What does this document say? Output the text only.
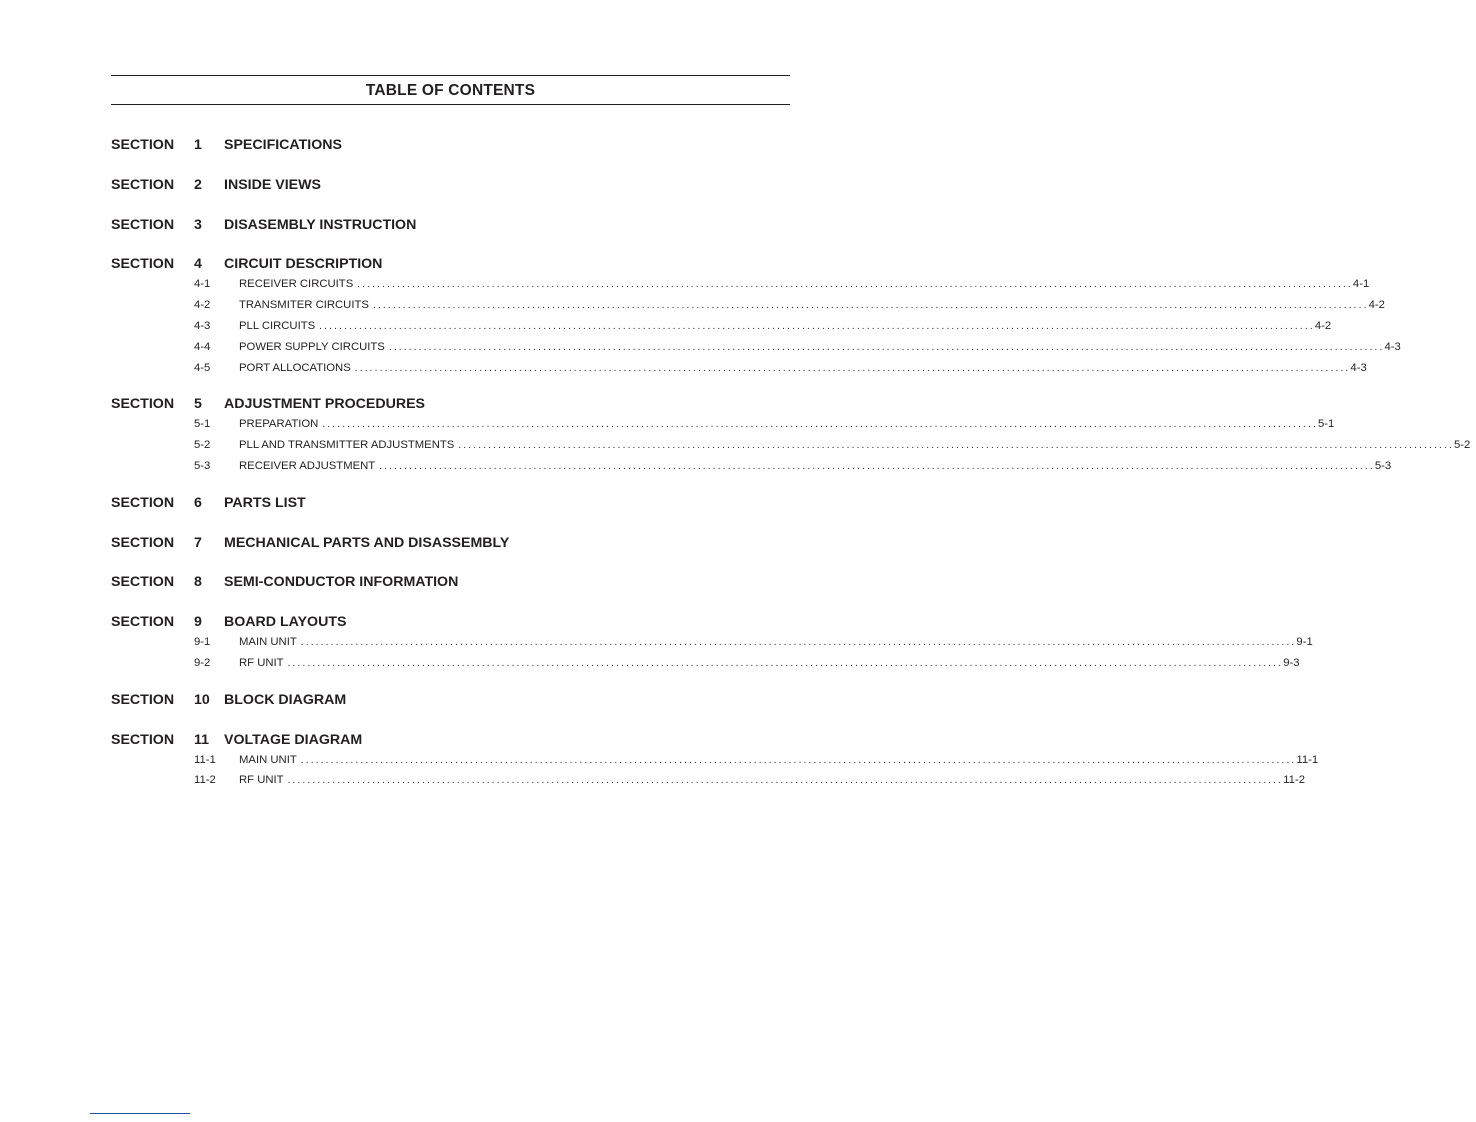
TABLE OF CONTENTS
SECTION 1 SPECIFICATIONS
SECTION 2 INSIDE VIEWS
SECTION 3 DISASEMBLY INSTRUCTION
SECTION 4 CIRCUIT DESCRIPTION
4-1	RECEIVER CIRCUITS ........................................................................................................................................................................................................ 4-1
4-2	TRANSMITER CIRCUITS ........................................................................................................................................................................................................ 4-2
4-3	PLL CIRCUITS ........................................................................................................................................................................................................ 4-2
4-4	POWER SUPPLY CIRCUITS ........................................................................................................................................................................................................ 4-3
4-5	PORT ALLOCATIONS ........................................................................................................................................................................................................ 4-3
SECTION 5 ADJUSTMENT PROCEDURES
5-1	PREPARATION ........................................................................................................................................................................................................ 5-1
5-2	PLL AND TRANSMITTER ADJUSTMENTS ........................................................................................................................................................................................................ 5-2
5-3	RECEIVER ADJUSTMENT ........................................................................................................................................................................................................ 5-3
SECTION 6 PARTS LIST
SECTION 7 MECHANICAL PARTS AND DISASSEMBLY
SECTION 8 SEMI-CONDUCTOR INFORMATION
SECTION 9 BOARD LAYOUTS
9-1	MAIN UNIT ........................................................................................................................................................................................................ 9-1
9-2	RF UNIT ........................................................................................................................................................................................................ 9-3
SECTION 10 BLOCK DIAGRAM
SECTION 11 VOLTAGE DIAGRAM
11-1	MAIN UNIT ........................................................................................................................................................................................................ 11-1
11-2	RF UNIT ........................................................................................................................................................................................................ 11-2
